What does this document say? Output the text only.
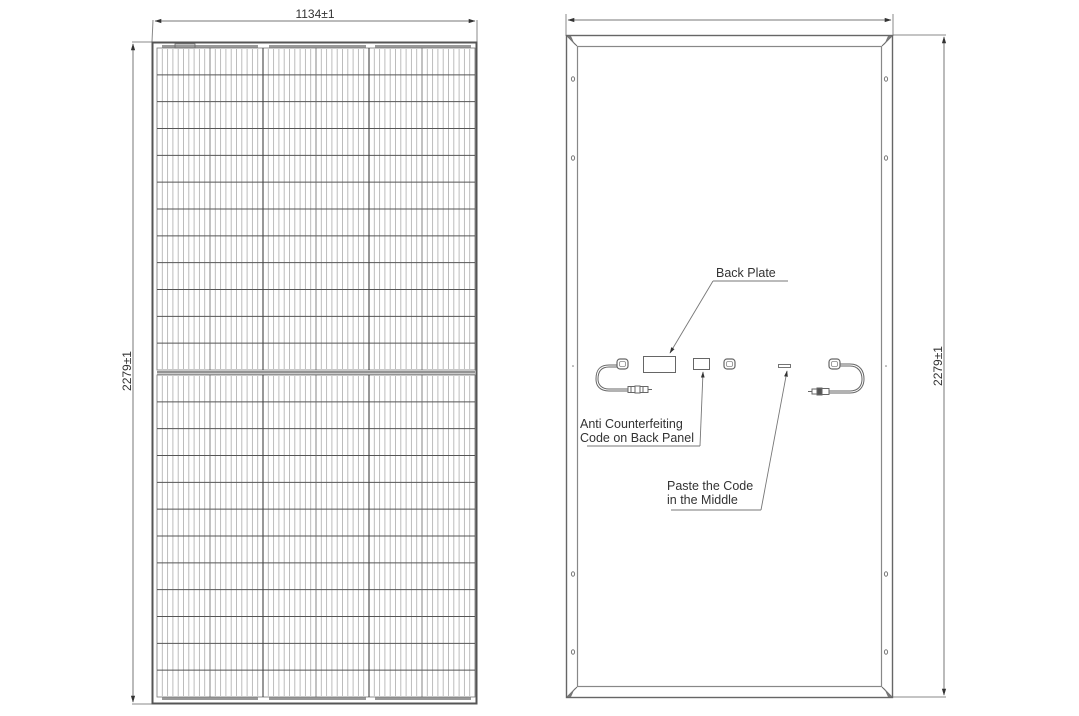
1134±1
2279±1	2279±1
Back Plate
Anti Counterfeiting
Code on Back Panel
Paste the Code
in the Middle
